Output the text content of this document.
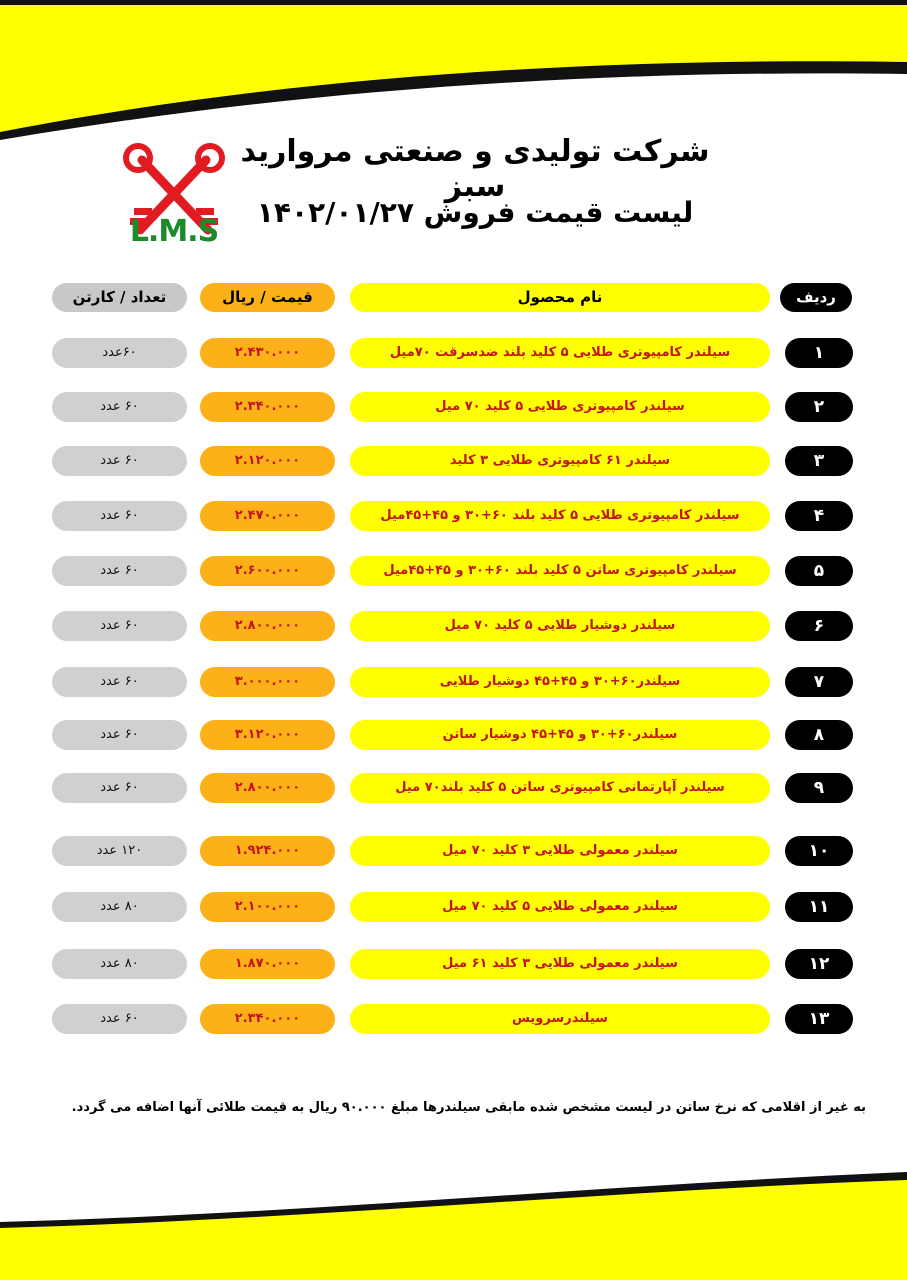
L.M.S
شرکت تولیدی و صنعتی مروارید سبز
لیست قیمت فروش ۱۴۰۲/۰۱/۲۷
ردیف
نام محصول
قیمت / ریال
تعداد / کارتن
۱
سیلندر کامپیوتری طلایی ۵ کلید بلند ضدسرقت ۷۰میل
۲.۴۳۰.۰۰۰
۶۰عدد
۲
سیلندر کامپیوتری طلایی ۵ کلید ۷۰ میل
۲.۳۴۰.۰۰۰
۶۰ عدد
۳
سیلندر ۶۱ کامپیوتری طلایی ۳ کلید
۲.۱۲۰.۰۰۰
۶۰ عدد
۴
سیلندر کامپیوتری طلایی ۵ کلید بلند ۶۰+۳۰ و ۴۵+۴۵میل
۲.۴۷۰.۰۰۰
۶۰ عدد
۵
سیلندر کامپیوتری ساتن ۵ کلید بلند ۶۰+۳۰ و ۴۵+۴۵میل
۲.۶۰۰.۰۰۰
۶۰ عدد
۶
سیلندر دوشیار طلایی ۵ کلید ۷۰ میل
۲.۸۰۰.۰۰۰
۶۰ عدد
۷
سیلندر۶۰+۳۰ و ۴۵+۴۵ دوشیار طلایی
۳.۰۰۰.۰۰۰
۶۰ عدد
۸
سیلندر۶۰+۳۰ و ۴۵+۴۵ دوشیار ساتن
۳.۱۲۰.۰۰۰
۶۰ عدد
۹
سیلندر آپارتمانی کامپیوتری ساتن ۵ کلید بلند۷۰ میل
۲.۸۰۰.۰۰۰
۶۰ عدد
۱۰
سیلندر معمولی طلایی ۳ کلید ۷۰ میل
۱.۹۲۴.۰۰۰
۱۲۰ عدد
۱۱
سیلندر معمولی طلایی ۵ کلید ۷۰ میل
۲.۱۰۰.۰۰۰
۸۰ عدد
۱۲
سیلندر معمولی طلایی ۳ کلید ۶۱ میل
۱.۸۷۰.۰۰۰
۸۰ عدد
۱۳
سیلندرسرویس
۲.۳۴۰.۰۰۰
۶۰ عدد
به غیر از اقلامی که نرخ ساتن در لیست مشخص شده مابقی سیلندرها مبلغ ۹۰.۰۰۰ ریال به قیمت طلائی آنها اضافه می گردد.
